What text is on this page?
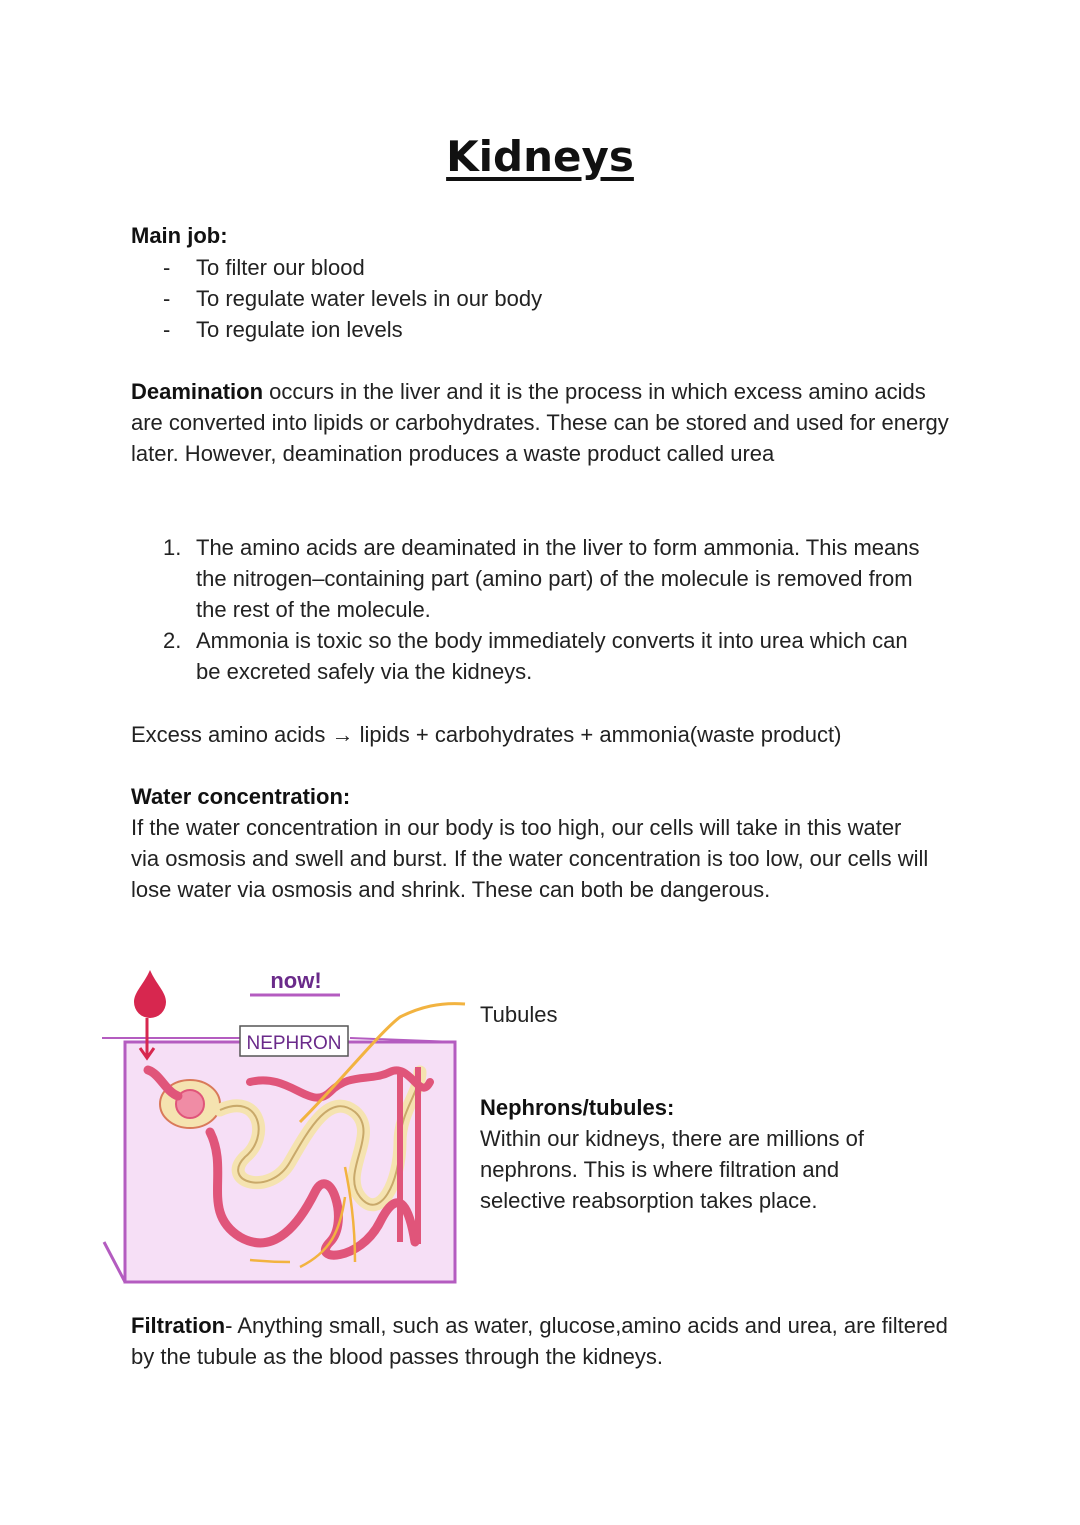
Kidneys

Main job:

- To filter our blood
- To regulate water levels in our body
- To regulate ion levels

Deamination occurs in the liver and it is the process in which excess amino acids are converted into lipids or carbohydrates. These can be stored and used for energy later. However, deamination produces a waste product called urea

1. The amino acids are deaminated in the liver to form ammonia. This means the nitrogen–containing part (amino part) of the molecule is removed from the rest of the molecule.
2. Ammonia is toxic so the body immediately converts it into urea which can be excreted safely via the kidneys.

Excess amino acids → lipids + carbohydrates + ammonia(waste product)

Water concentration:

If the water concentration in our body is too high, our cells will take in this water via osmosis and swell and burst. If the water concentration is too low, our cells will lose water via osmosis and shrink. These can both be dangerous.

NEPHRON
now!

Tubules

Nephrons/tubules:

Within our kidneys, there are millions of nephrons. This is where filtration and selective reabsorption takes place.

Filtration- Anything small, such as water, glucose,amino acids and urea, are filtered by the tubule as the blood passes through the kidneys.
